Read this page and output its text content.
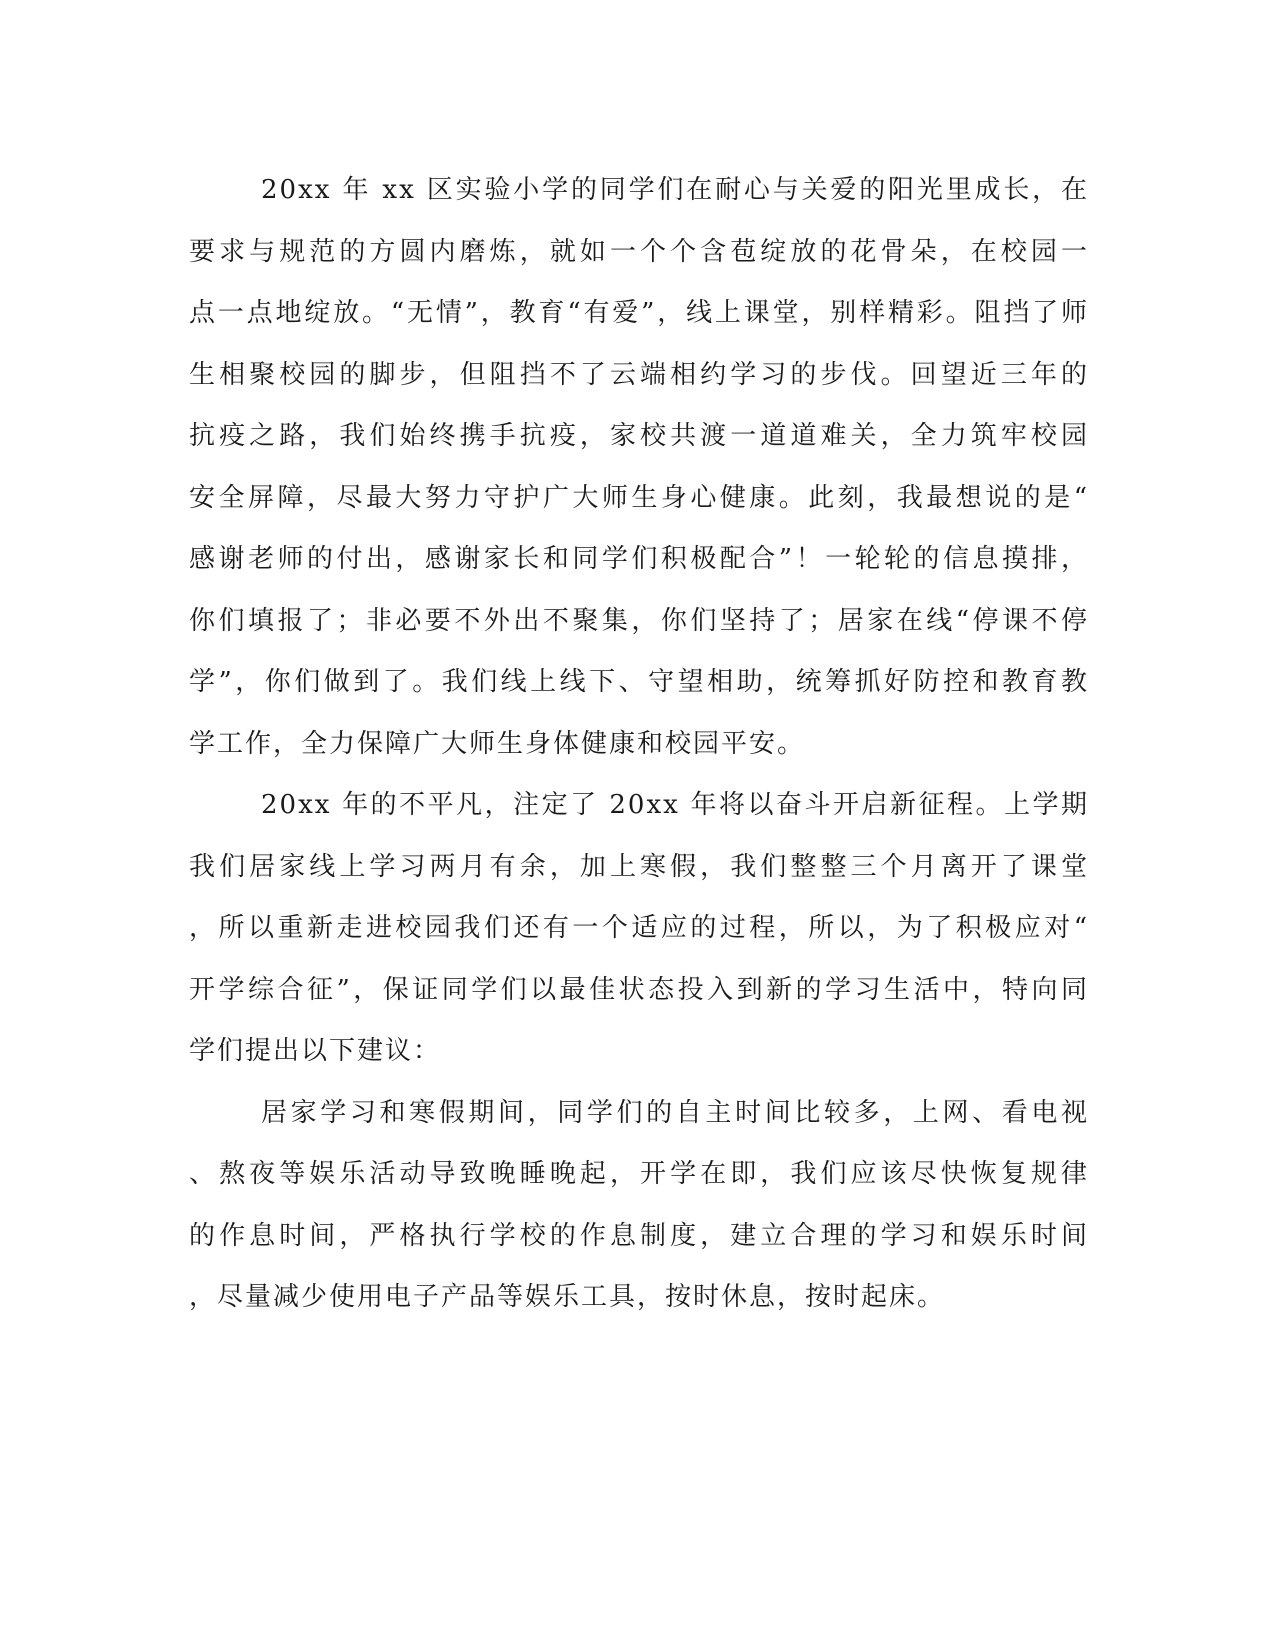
20xx 年 xx 区实验小学的同学们在耐心与关爱的阳光里成长，在
要求与规范的方圆内磨炼，就如一个个含苞绽放的花骨朵，在校园一
点一点地绽放。“无情”，教育“有爱”，线上课堂，别样精彩。阻挡了师
生相聚校园的脚步，但阻挡不了云端相约学习的步伐。回望近三年的
抗疫之路，我们始终携手抗疫，家校共渡一道道难关，全力筑牢校园
安全屏障，尽最大努力守护广大师生身心健康。此刻，我最想说的是“
感谢老师的付出，感谢家长和同学们积极配合”！一轮轮的信息摸排，
你们填报了；非必要不外出不聚集，你们坚持了；居家在线“停课不停
学”，你们做到了。我们线上线下、守望相助，统筹抓好防控和教育教
学工作，全力保障广大师生身体健康和校园平安。
20xx 年的不平凡，注定了 20xx 年将以奋斗开启新征程。上学期
我们居家线上学习两月有余，加上寒假，我们整整三个月离开了课堂
，所以重新走进校园我们还有一个适应的过程，所以，为了积极应对“
开学综合征”，保证同学们以最佳状态投入到新的学习生活中，特向同
学们提出以下建议：
居家学习和寒假期间，同学们的自主时间比较多，上网、看电视
、熬夜等娱乐活动导致晚睡晚起，开学在即，我们应该尽快恢复规律
的作息时间，严格执行学校的作息制度，建立合理的学习和娱乐时间
，尽量减少使用电子产品等娱乐工具，按时休息，按时起床。
